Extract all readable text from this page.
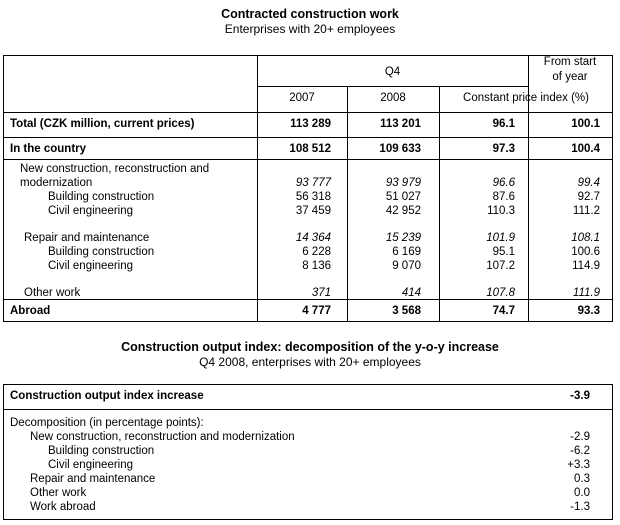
Contracted construction work
Enterprises with 20+ employees
Q4
From start
of year
2007	2008	Constant price index (%)
Total (CZK million, current prices)	113 289	113 201	96.1	100.1
In the country	108 512	109 633	97.3	100.4
New construction, reconstruction and
modernization	93 777	93 979	96.6	99.4
Building construction	56 318	51 027	87.6	92.7
Civil engineering	37 459	42 952	110.3	111.2
Repair and maintenance	14 364	15 239	101.9	108.1
Building construction	6 228	6 169	95.1	100.6
Civil engineering	8 136	9 070	107.2	114.9
Other work	371	414	107.8	111.9
Abroad	4 777	3 568	74.7	93.3
Construction output index: decomposition of the y-o-y increase
Q4 2008, enterprises with 20+ employees
Construction output index increase	-3.9
Decomposition (in percentage points):
New construction, reconstruction and modernization	-2.9
Building construction	-6.2
Civil engineering	+3.3
Repair and maintenance	0.3
Other work	0.0
Work abroad	-1.3
